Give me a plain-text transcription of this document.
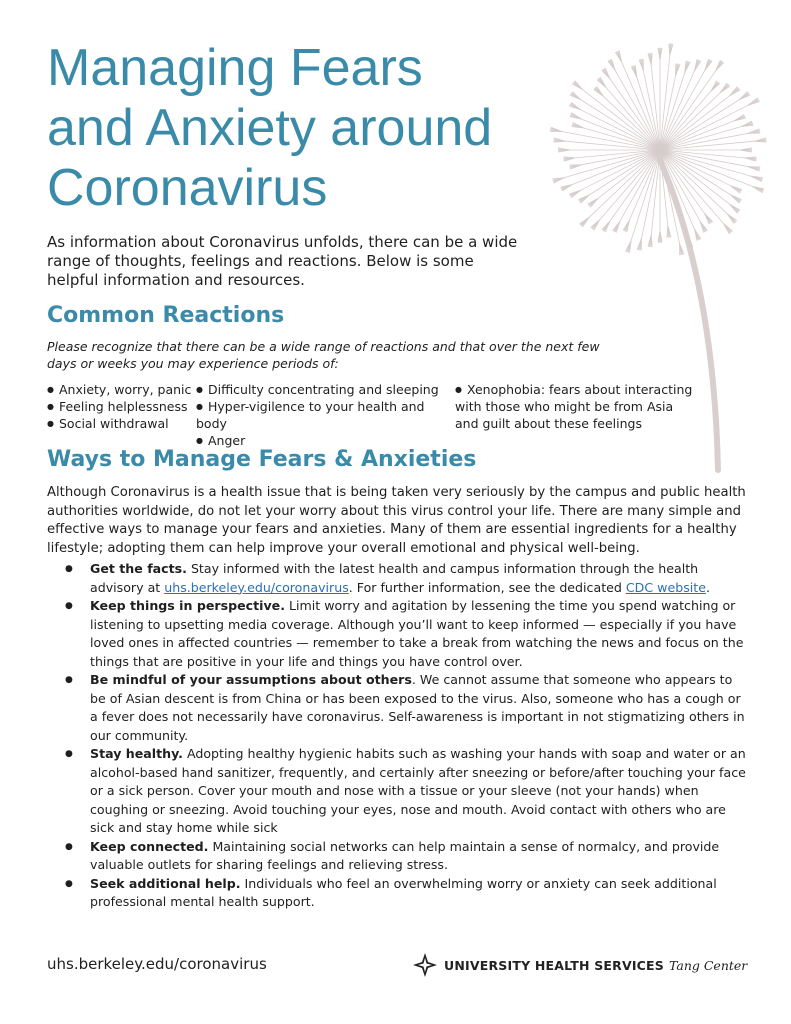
Managing Fears
and Anxiety around
Coronavirus

As information about Coronavirus unfolds, there can be a wide range of thoughts, feelings and reactions. Below is some helpful information and resources.

Common Reactions

Please recognize that there can be a wide range of reactions and that over the next few days or weeks you may experience periods of:

● Anxiety, worry, panic
● Feeling helplessness
● Social withdrawal
● Difficulty concentrating and sleeping
● Hyper-vigilence to your health and body
● Anger
● Xenophobia: fears about interacting with those who might be from Asia and guilt about these feelings
Ways to Manage Fears & Anxieties

Although Coronavirus is a health issue that is being taken very seriously by the campus and public health authorities worldwide, do not let your worry about this virus control your life. There are many simple and effective ways to manage your fears and anxieties. Many of them are essential ingredients for a healthy lifestyle; adopting them can help improve your overall emotional and physical well-being.

● Get the facts. Stay informed with the latest health and campus information through the health advisory at uhs.berkeley.edu/coronavirus. For further information, see the dedicated CDC website.
● Keep things in perspective. Limit worry and agitation by lessening the time you spend watching or listening to upsetting media coverage. Although you’ll want to keep informed — especially if you have loved ones in affected countries — remember to take a break from watching the news and focus on the things that are positive in your life and things you have control over.
● Be mindful of your assumptions about others. We cannot assume that someone who appears to be of Asian descent is from China or has been exposed to the virus. Also, someone who has a cough or a fever does not necessarily have coronavirus. Self-awareness is important in not stigmatizing others in our community.
● Stay healthy. Adopting healthy hygienic habits such as washing your hands with soap and water or an alcohol-based hand sanitizer, frequently, and certainly after sneezing or before/after touching your face or a sick person. Cover your mouth and nose with a tissue or your sleeve (not your hands) when coughing or sneezing. Avoid touching your eyes, nose and mouth. Avoid contact with others who are sick and stay home while sick
● Keep connected. Maintaining social networks can help maintain a sense of normalcy, and provide valuable outlets for sharing feelings and relieving stress.
● Seek additional help. Individuals who feel an overwhelming worry or anxiety can seek additional professional mental health support.

uhs.berkeley.edu/coronavirus	UNIVERSITY HEALTH SERVICES Tang Center
